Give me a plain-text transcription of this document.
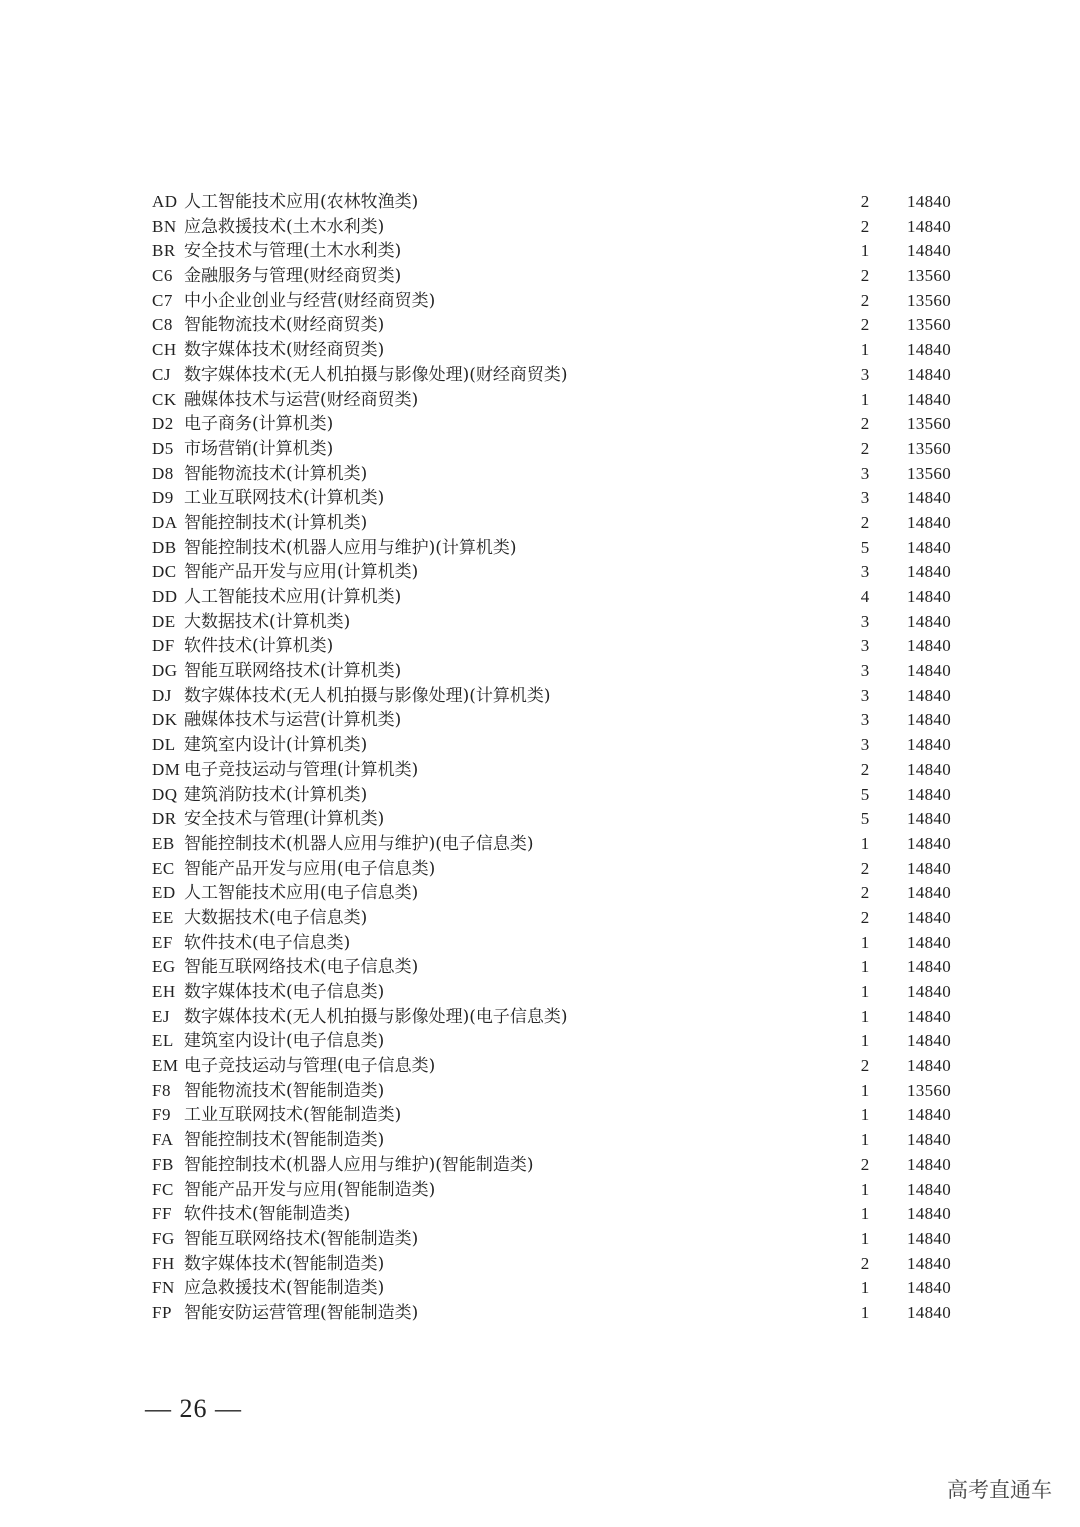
AD 人工智能技术应用(农林牧渔类)	2 14840
BN 应急救援技术(土木水利类)	2 14840
BR 安全技术与管理(土木水利类)	1 14840
C6 金融服务与管理(财经商贸类)	2 13560
C7 中小企业创业与经营(财经商贸类)	2 13560
C8 智能物流技术(财经商贸类)	2 13560
CH 数字媒体技术(财经商贸类)	1 14840
CJ 数字媒体技术(无人机拍摄与影像处理)(财经商贸类)	3 14840
CK 融媒体技术与运营(财经商贸类)	1 14840
D2 电子商务(计算机类)	2 13560
D5 市场营销(计算机类)	2 13560
D8 智能物流技术(计算机类)	3 13560
D9 工业互联网技术(计算机类)	3 14840
DA 智能控制技术(计算机类)	2 14840
DB 智能控制技术(机器人应用与维护)(计算机类)	5 14840
DC 智能产品开发与应用(计算机类)	3 14840
DD 人工智能技术应用(计算机类)	4 14840
DE 大数据技术(计算机类)	3 14840
DF 软件技术(计算机类)	3 14840
DG 智能互联网络技术(计算机类)	3 14840
DJ 数字媒体技术(无人机拍摄与影像处理)(计算机类)	3 14840
DK 融媒体技术与运营(计算机类)	3 14840
DL 建筑室内设计(计算机类)	3 14840
DM 电子竞技运动与管理(计算机类)	2 14840
DQ 建筑消防技术(计算机类)	5 14840
DR 安全技术与管理(计算机类)	5 14840
EB 智能控制技术(机器人应用与维护)(电子信息类)	1 14840
EC 智能产品开发与应用(电子信息类)	2 14840
ED 人工智能技术应用(电子信息类)	2 14840
EE 大数据技术(电子信息类)	2 14840
EF 软件技术(电子信息类)	1 14840
EG 智能互联网络技术(电子信息类)	1 14840
EH 数字媒体技术(电子信息类)	1 14840
EJ 数字媒体技术(无人机拍摄与影像处理)(电子信息类)	1 14840
EL 建筑室内设计(电子信息类)	1 14840
EM 电子竞技运动与管理(电子信息类)	2 14840
F8 智能物流技术(智能制造类)	1 13560
F9 工业互联网技术(智能制造类)	1 14840
FA 智能控制技术(智能制造类)	1 14840
FB 智能控制技术(机器人应用与维护)(智能制造类)	2 14840
FC 智能产品开发与应用(智能制造类)	1 14840
FF 软件技术(智能制造类)	1 14840
FG 智能互联网络技术(智能制造类)	1 14840
FH 数字媒体技术(智能制造类)	2 14840
FN 应急救援技术(智能制造类)	1 14840
FP 智能安防运营管理(智能制造类)	1 14840
— 26 —
高考直通车
